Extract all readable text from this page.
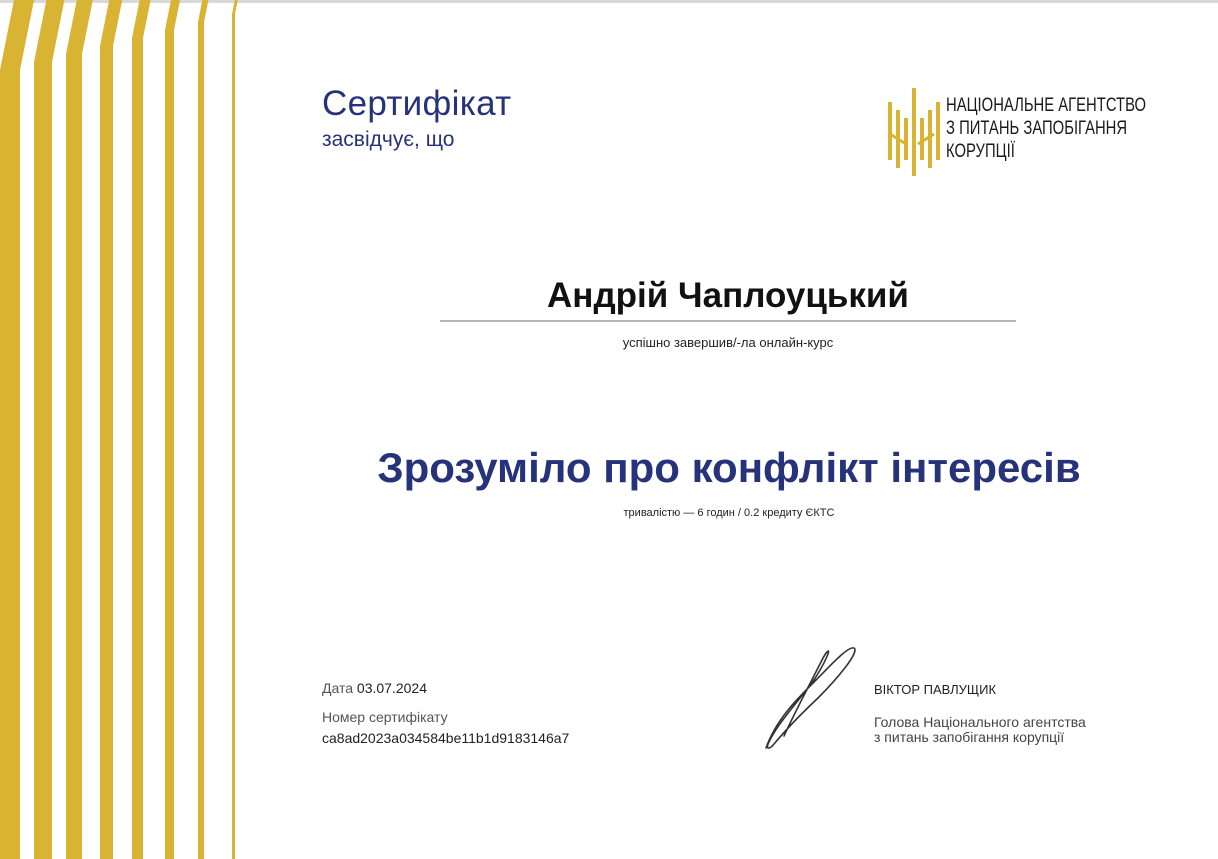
Сертифікат
засвідчує, що
НАЦІОНАЛЬНЕ АГЕНТСТВО
З ПИТАНЬ ЗАПОБІГАННЯ
КОРУПЦІЇ
Андрій Чаплоуцький
успішно завершив/-ла онлайн-курс
Зрозуміло про конфлікт інтересів
тривалістю — 6 годин / 0.2 кредиту ЄКТС
Дата 03.07.2024
Номер сертифікату
ca8ad2023a034584be11b1d9183146a7
ВІКТОР ПАВЛУЩИК
Голова Національного агентства
з питань запобігання корупції
